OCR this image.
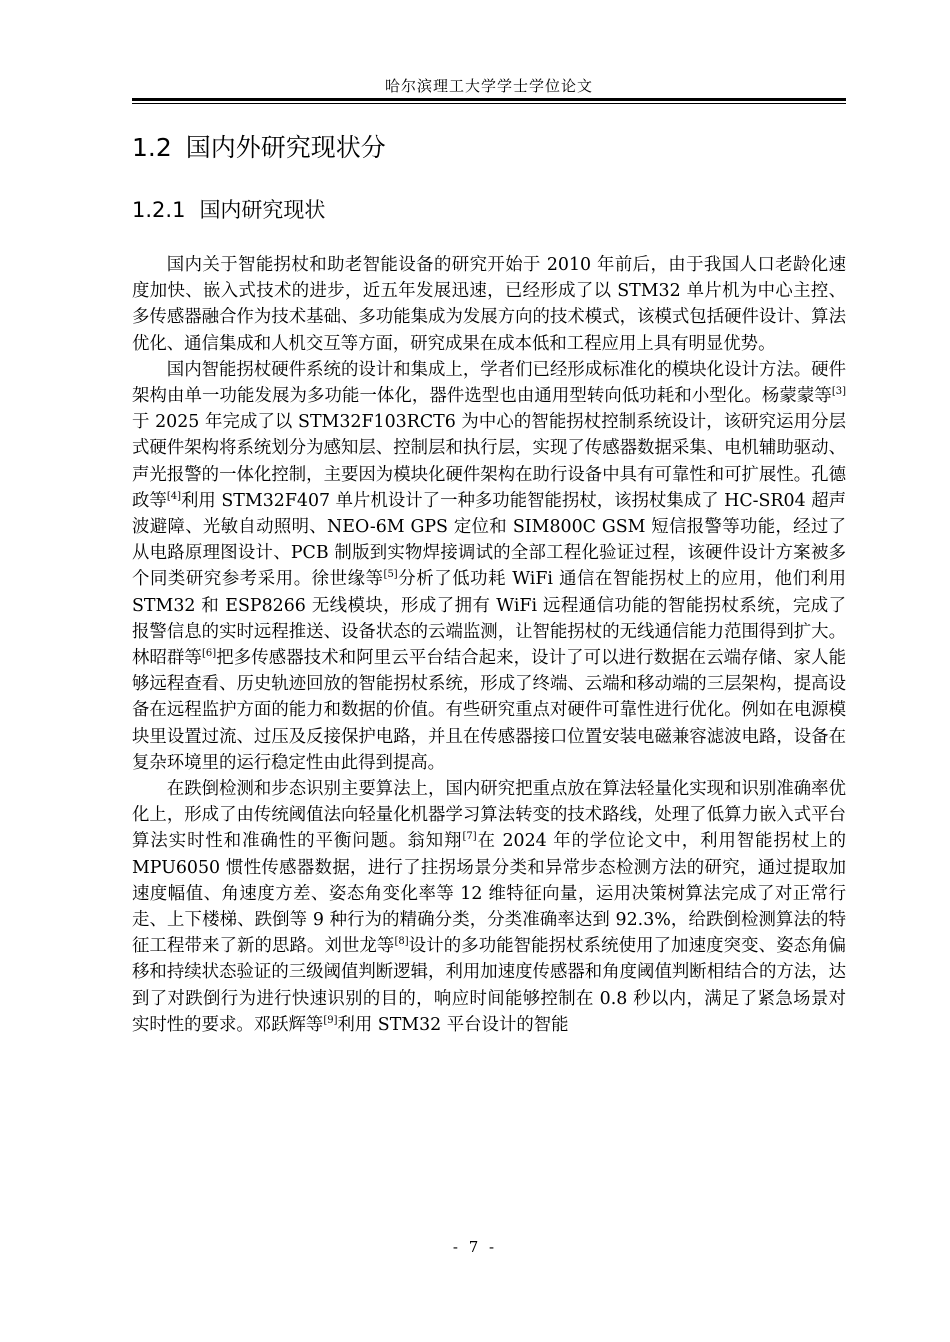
哈尔滨理工大学学士学位论文
1.2 国内外研究现状分
1.2.1 国内研究现状

国内关于智能拐杖和助老智能设备的研究开始于 2010 年前后，由于我国人口老龄化速度加快、嵌入式技术的进步，近五年发展迅速，已经形成了以 STM32 单片机为中心主控、多传感器融合作为技术基础、多功能集成为发展方向的技术模式，该模式包括硬件设计、算法优化、通信集成和人机交互等方面，研究成果在成本低和工程应用上具有明显优势。

国内智能拐杖硬件系统的设计和集成上，学者们已经形成标准化的模块化设计方法。硬件架构由单一功能发展为多功能一体化，器件选型也由通用型转向低功耗和小型化。杨蒙蒙等[3]于 2025 年完成了以 STM32F103RCT6 为中心的智能拐杖控制系统设计，该研究运用分层式硬件架构将系统划分为感知层、控制层和执行层，实现了传感器数据采集、电机辅助驱动、声光报警的一体化控制，主要因为模块化硬件架构在助行设备中具有可靠性和可扩展性。孔德政等[4]利用 STM32F407 单片机设计了一种多功能智能拐杖，该拐杖集成了 HC-SR04 超声波避障、光敏自动照明、NEO-6M GPS 定位和 SIM800C GSM 短信报警等功能，经过了从电路原理图设计、PCB 制版到实物焊接调试的全部工程化验证过程，该硬件设计方案被多个同类研究参考采用。徐世缘等[5]分析了低功耗 WiFi 通信在智能拐杖上的应用，他们利用 STM32 和 ESP8266 无线模块，形成了拥有 WiFi 远程通信功能的智能拐杖系统，完成了报警信息的实时远程推送、设备状态的云端监测，让智能拐杖的无线通信能力范围得到扩大。林昭群等[6]把多传感器技术和阿里云平台结合起来，设计了可以进行数据在云端存储、家人能够远程查看、历史轨迹回放的智能拐杖系统，形成了终端、云端和移动端的三层架构，提高设备在远程监护方面的能力和数据的价值。有些研究重点对硬件可靠性进行优化。例如在电源模块里设置过流、过压及反接保护电路，并且在传感器接口位置安装电磁兼容滤波电路，设备在复杂环境里的运行稳定性由此得到提高。

在跌倒检测和步态识别主要算法上，国内研究把重点放在算法轻量化实现和识别准确率优化上，形成了由传统阈值法向轻量化机器学习算法转变的技术路线，处理了低算力嵌入式平台算法实时性和准确性的平衡问题。翁知翔[7]在 2024 年的学位论文中，利用智能拐杖上的 MPU6050 惯性传感器数据，进行了拄拐场景分类和异常步态检测方法的研究，通过提取加速度幅值、角速度方差、姿态角变化率等 12 维特征向量，运用决策树算法完成了对正常行走、上下楼梯、跌倒等 9 种行为的精确分类，分类准确率达到 92.3%，给跌倒检测算法的特征工程带来了新的思路。刘世龙等[8]设计的多功能智能拐杖系统使用了加速度突变、姿态角偏移和持续状态验证的三级阈值判断逻辑，利用加速度传感器和角度阈值判断相结合的方法，达到了对跌倒行为进行快速识别的目的，响应时间能够控制在 0.8 秒以内，满足了紧急场景对实时性的要求。邓跃辉等[9]利用 STM32 平台设计的智能

- 7 -
